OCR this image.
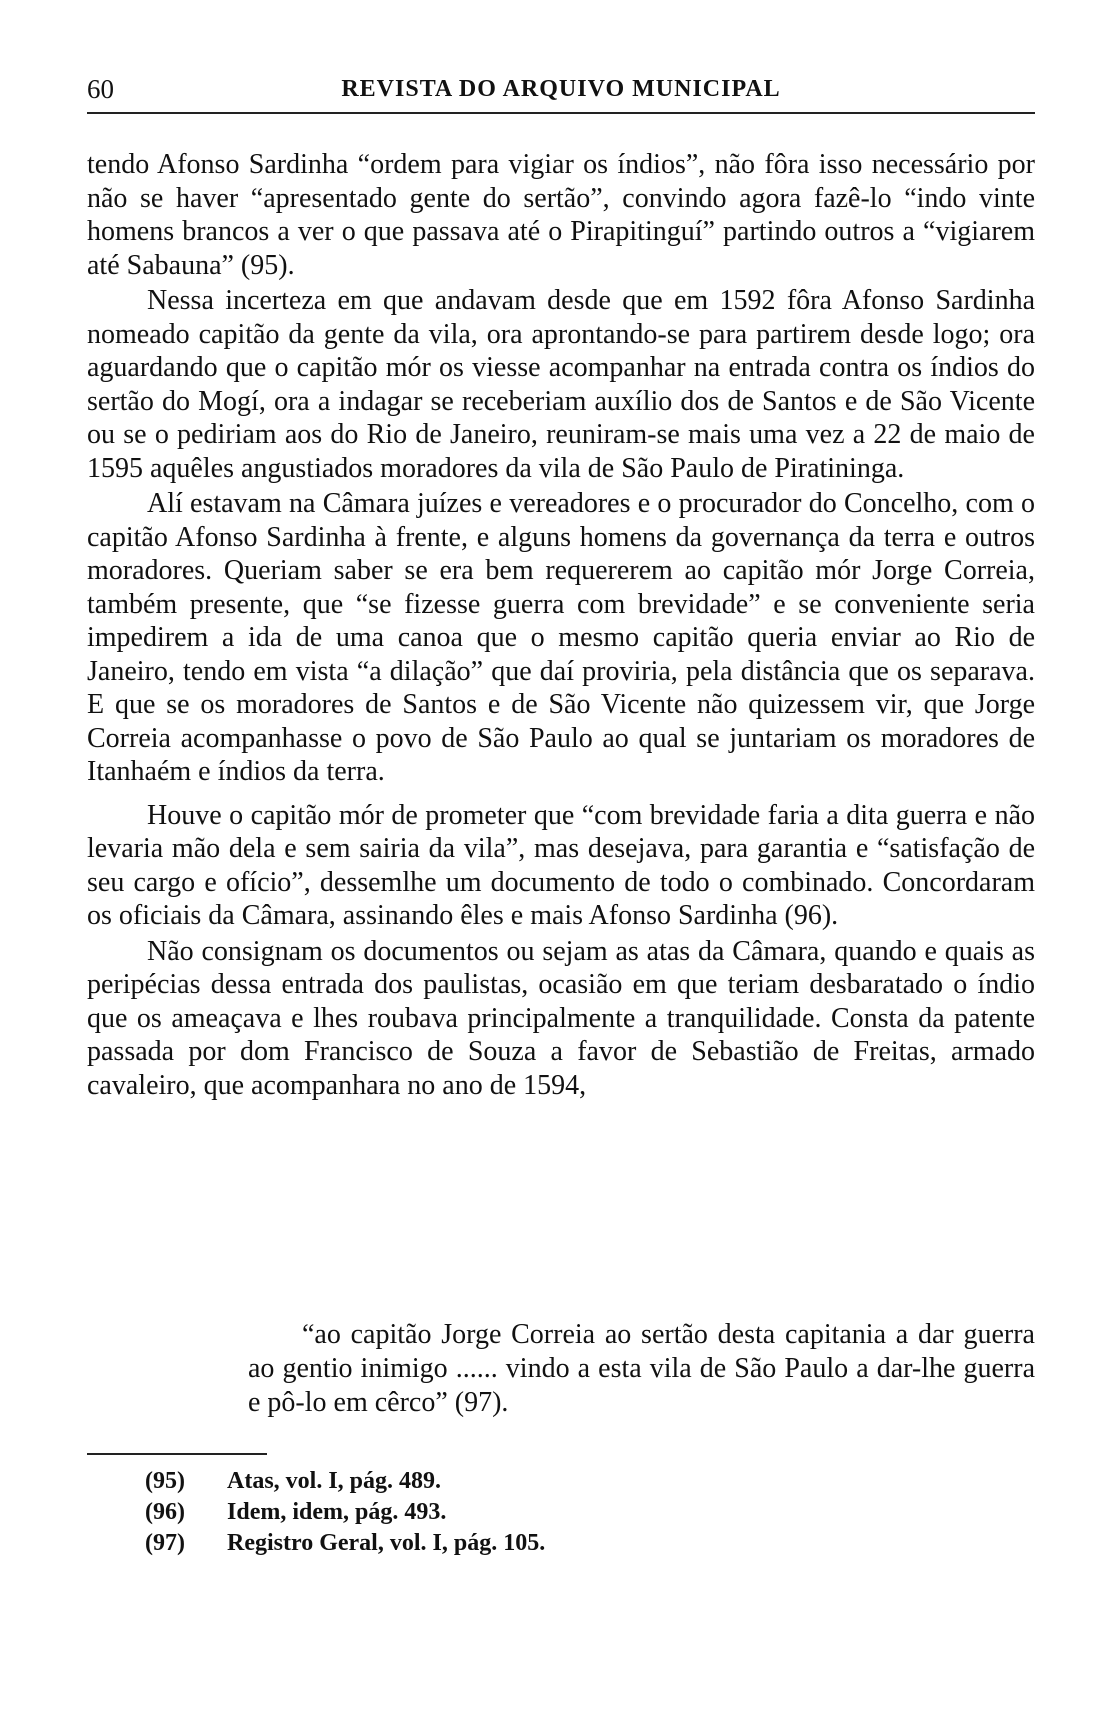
60	REVISTA DO ARQUIVO MUNICIPAL

tendo Afonso Sardinha “ordem para vigiar os índios”, não fôra isso necessário por não se haver “apresentado gente do sertão”, convindo agora fazê-lo “indo vinte homens brancos a ver o que passava até o Pirapitinguí” partindo outros a “vigiarem até Sabauna” (95).

Nessa incerteza em que andavam desde que em 1592 fôra Afonso Sardinha nomeado capitão da gente da vila, ora aprontando-se para partirem desde logo; ora aguardando que o capitão mór os viesse acompanhar na entrada contra os índios do sertão do Mogí, ora a indagar se receberiam auxílio dos de Santos e de São Vicente ou se o pediriam aos do Rio de Janeiro, reuniram-se mais uma vez a 22 de maio de 1595 aquêles angustiados moradores da vila de São Paulo de Piratininga.

Alí estavam na Câmara juízes e vereadores e o procurador do Concelho, com o capitão Afonso Sardinha à frente, e alguns homens da governança da terra e outros moradores. Queriam saber se era bem requererem ao capitão mór Jorge Correia, também presente, que “se fizesse guerra com brevidade” e se conveniente seria impedirem a ida de uma canoa que o mesmo capitão queria enviar ao Rio de Janeiro, tendo em vista “a dilação” que daí proviria, pela distância que os separava. E que se os moradores de Santos e de São Vicente não quizessem vir, que Jorge Correia acompanhasse o povo de São Paulo ao qual se juntariam os moradores de Itanhaém e índios da terra.

Houve o capitão mór de prometer que “com brevidade faria a dita guerra e não levaria mão dela e sem sairia da vila”, mas desejava, para garantia e “satisfação de seu cargo e ofício”, dessemlhe um documento de todo o combinado. Concordaram os oficiais da Câmara, assinando êles e mais Afonso Sardinha (96).

Não consignam os documentos ou sejam as atas da Câmara, quando e quais as peripécias dessa entrada dos paulistas, ocasião em que teriam desbaratado o índio que os ameaçava e lhes roubava principalmente a tranquilidade. Consta da patente passada por dom Francisco de Souza a favor de Sebastião de Freitas, armado cavaleiro, que acompanhara no ano de 1594,

“ao capitão Jorge Correia ao sertão desta capitania a dar guerra ao gentio inimigo ...... vindo a esta vila de São Paulo a dar-lhe guerra e pô-lo em cêrco” (97).

(95)	Atas, vol. I, pág. 489.
(96)	Idem, idem, pág. 493.
(97)	Registro Geral, vol. I, pág. 105.
